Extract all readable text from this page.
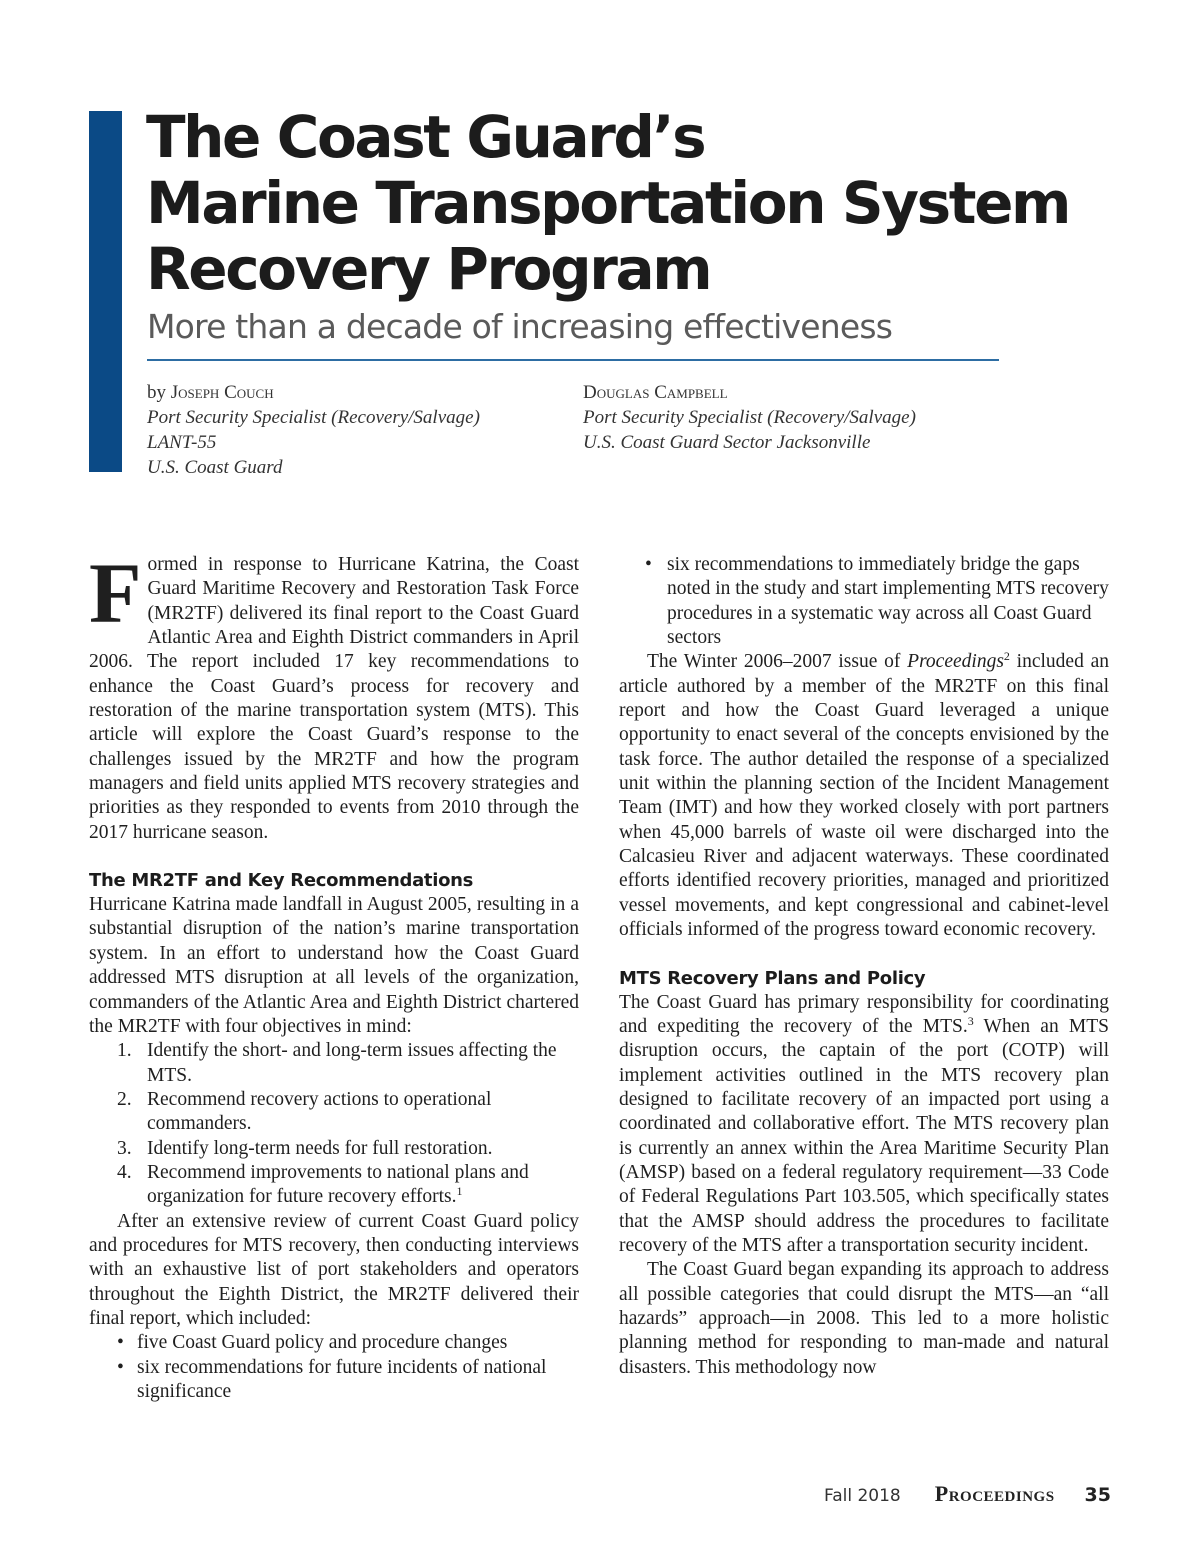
The Coast Guard’s
Marine Transportation System
Recovery Program
More than a decade of increasing effectiveness
by Joseph Couch
Port Security Specialist (Recovery/Salvage)
LANT-55
U.S. Coast Guard
Douglas Campbell
Port Security Specialist (Recovery/Salvage)
U.S. Coast Guard Sector Jacksonville

Formed in response to Hurricane Katrina, the Coast Guard Maritime Recovery and Restoration Task Force (MR2TF) delivered its final report to the Coast Guard Atlantic Area and Eighth District commanders in April 2006. The report included 17 key recommendations to enhance the Coast Guard’s process for recovery and restoration of the marine transportation system (MTS). This article will explore the Coast Guard’s response to the challenges issued by the MR2TF and how the program managers and field units applied MTS recovery strategies and priorities as they responded to events from 2010 through the 2017 hurricane season.

The MR2TF and Key Recommendations

Hurricane Katrina made landfall in August 2005, resulting in a substantial disruption of the nation’s marine transportation system. In an effort to understand how the Coast Guard addressed MTS disruption at all levels of the organization, commanders of the Atlantic Area and Eighth District chartered the MR2TF with four objectives in mind:

1. Identify the short- and long-term issues affecting the MTS.
2. Recommend recovery actions to operational commanders.
3. Identify long-term needs for full restoration.
4. Recommend improvements to national plans and organization for future recovery efforts.$^1$

After an extensive review of current Coast Guard policy and procedures for MTS recovery, then conducting interviews with an exhaustive list of port stakeholders and operators throughout the Eighth District, the MR2TF delivered their final report, which included:

• five Coast Guard policy and procedure changes
• six recommendations for future incidents of national significance
• six recommendations to immediately bridge the gaps noted in the study and start implementing MTS recovery procedures in a systematic way across all Coast Guard sectors

The Winter 2006–2007 issue of Proceedings$^2$ included an article authored by a member of the MR2TF on this final report and how the Coast Guard leveraged a unique opportunity to enact several of the concepts envisioned by the task force. The author detailed the response of a specialized unit within the planning section of the Incident Management Team (IMT) and how they worked closely with port partners when 45,000 barrels of waste oil were discharged into the Calcasieu River and adjacent waterways. These coordinated efforts identified recovery priorities, managed and prioritized vessel movements, and kept congressional and cabinet-level officials informed of the progress toward economic recovery.

MTS Recovery Plans and Policy

The Coast Guard has primary responsibility for coordinating and expediting the recovery of the MTS.$^3$ When an MTS disruption occurs, the captain of the port (COTP) will implement activities outlined in the MTS recovery plan designed to facilitate recovery of an impacted port using a coordinated and collaborative effort. The MTS recovery plan is currently an annex within the Area Maritime Security Plan (AMSP) based on a federal regulatory requirement—33 Code of Federal Regulations Part 103.505, which specifically states that the AMSP should address the procedures to facilitate recovery of the MTS after a transportation security incident.

The Coast Guard began expanding its approach to address all possible categories that could disrupt the MTS—an “all hazards” approach—in 2008. This led to a more holistic planning method for responding to man-made and natural disasters. This methodology now

Fall 2018 Proceedings 35
